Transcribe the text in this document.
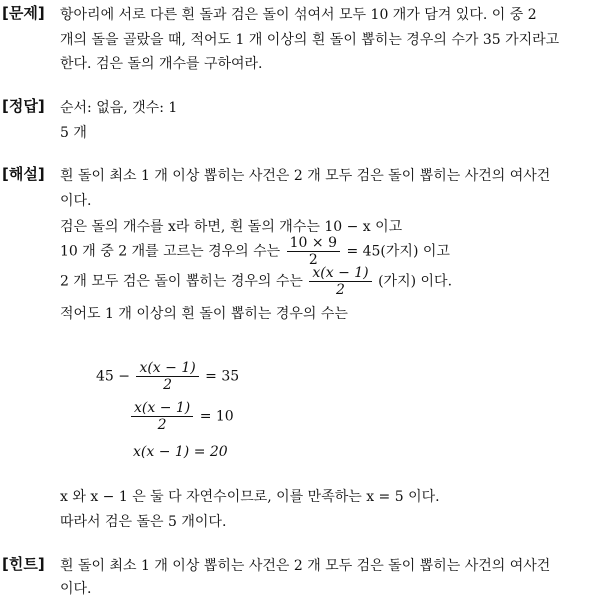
[문제] 항아리에 서로 다른 흰 돌과 검은 돌이 섞여서 모두 10 개가 담겨 있다. 이 중 2
개의 돌을 골랐을 때, 적어도 1 개 이상의 흰 돌이 뽑히는 경우의 수가 35 가지라고
한다. 검은 돌의 개수를 구하여라.
[정답] 순서: 없음, 갯수: 1
5 개
[해설] 흰 돌이 최소 1 개 이상 뽑히는 사건은 2 개 모두 검은 돌이 뽑히는 사건의 여사건
이다.
검은 돌의 개수를 x라 하면, 흰 돌의 개수는 10 − x 이고
10 개 중 2 개를 고르는 경우의 수는 $\frac{10 \times 9}{2} = 45$(가지) 이고
2 개 모두 검은 돌이 뽑히는 경우의 수는 $\frac{x(x - 1)}{2}$ (가지) 이다.
적어도 1 개 이상의 흰 돌이 뽑히는 경우의 수는
$45 - \frac{x(x - 1)}{2} = 35$
$\frac{x(x - 1)}{2} = 10$
x(x − 1) = 20
x 와 x − 1 은 둘 다 자연수이므로, 이를 만족하는 x = 5 이다.
따라서 검은 돌은 5 개이다.
[힌트] 흰 돌이 최소 1 개 이상 뽑히는 사건은 2 개 모두 검은 돌이 뽑히는 사건의 여사건
이다.
